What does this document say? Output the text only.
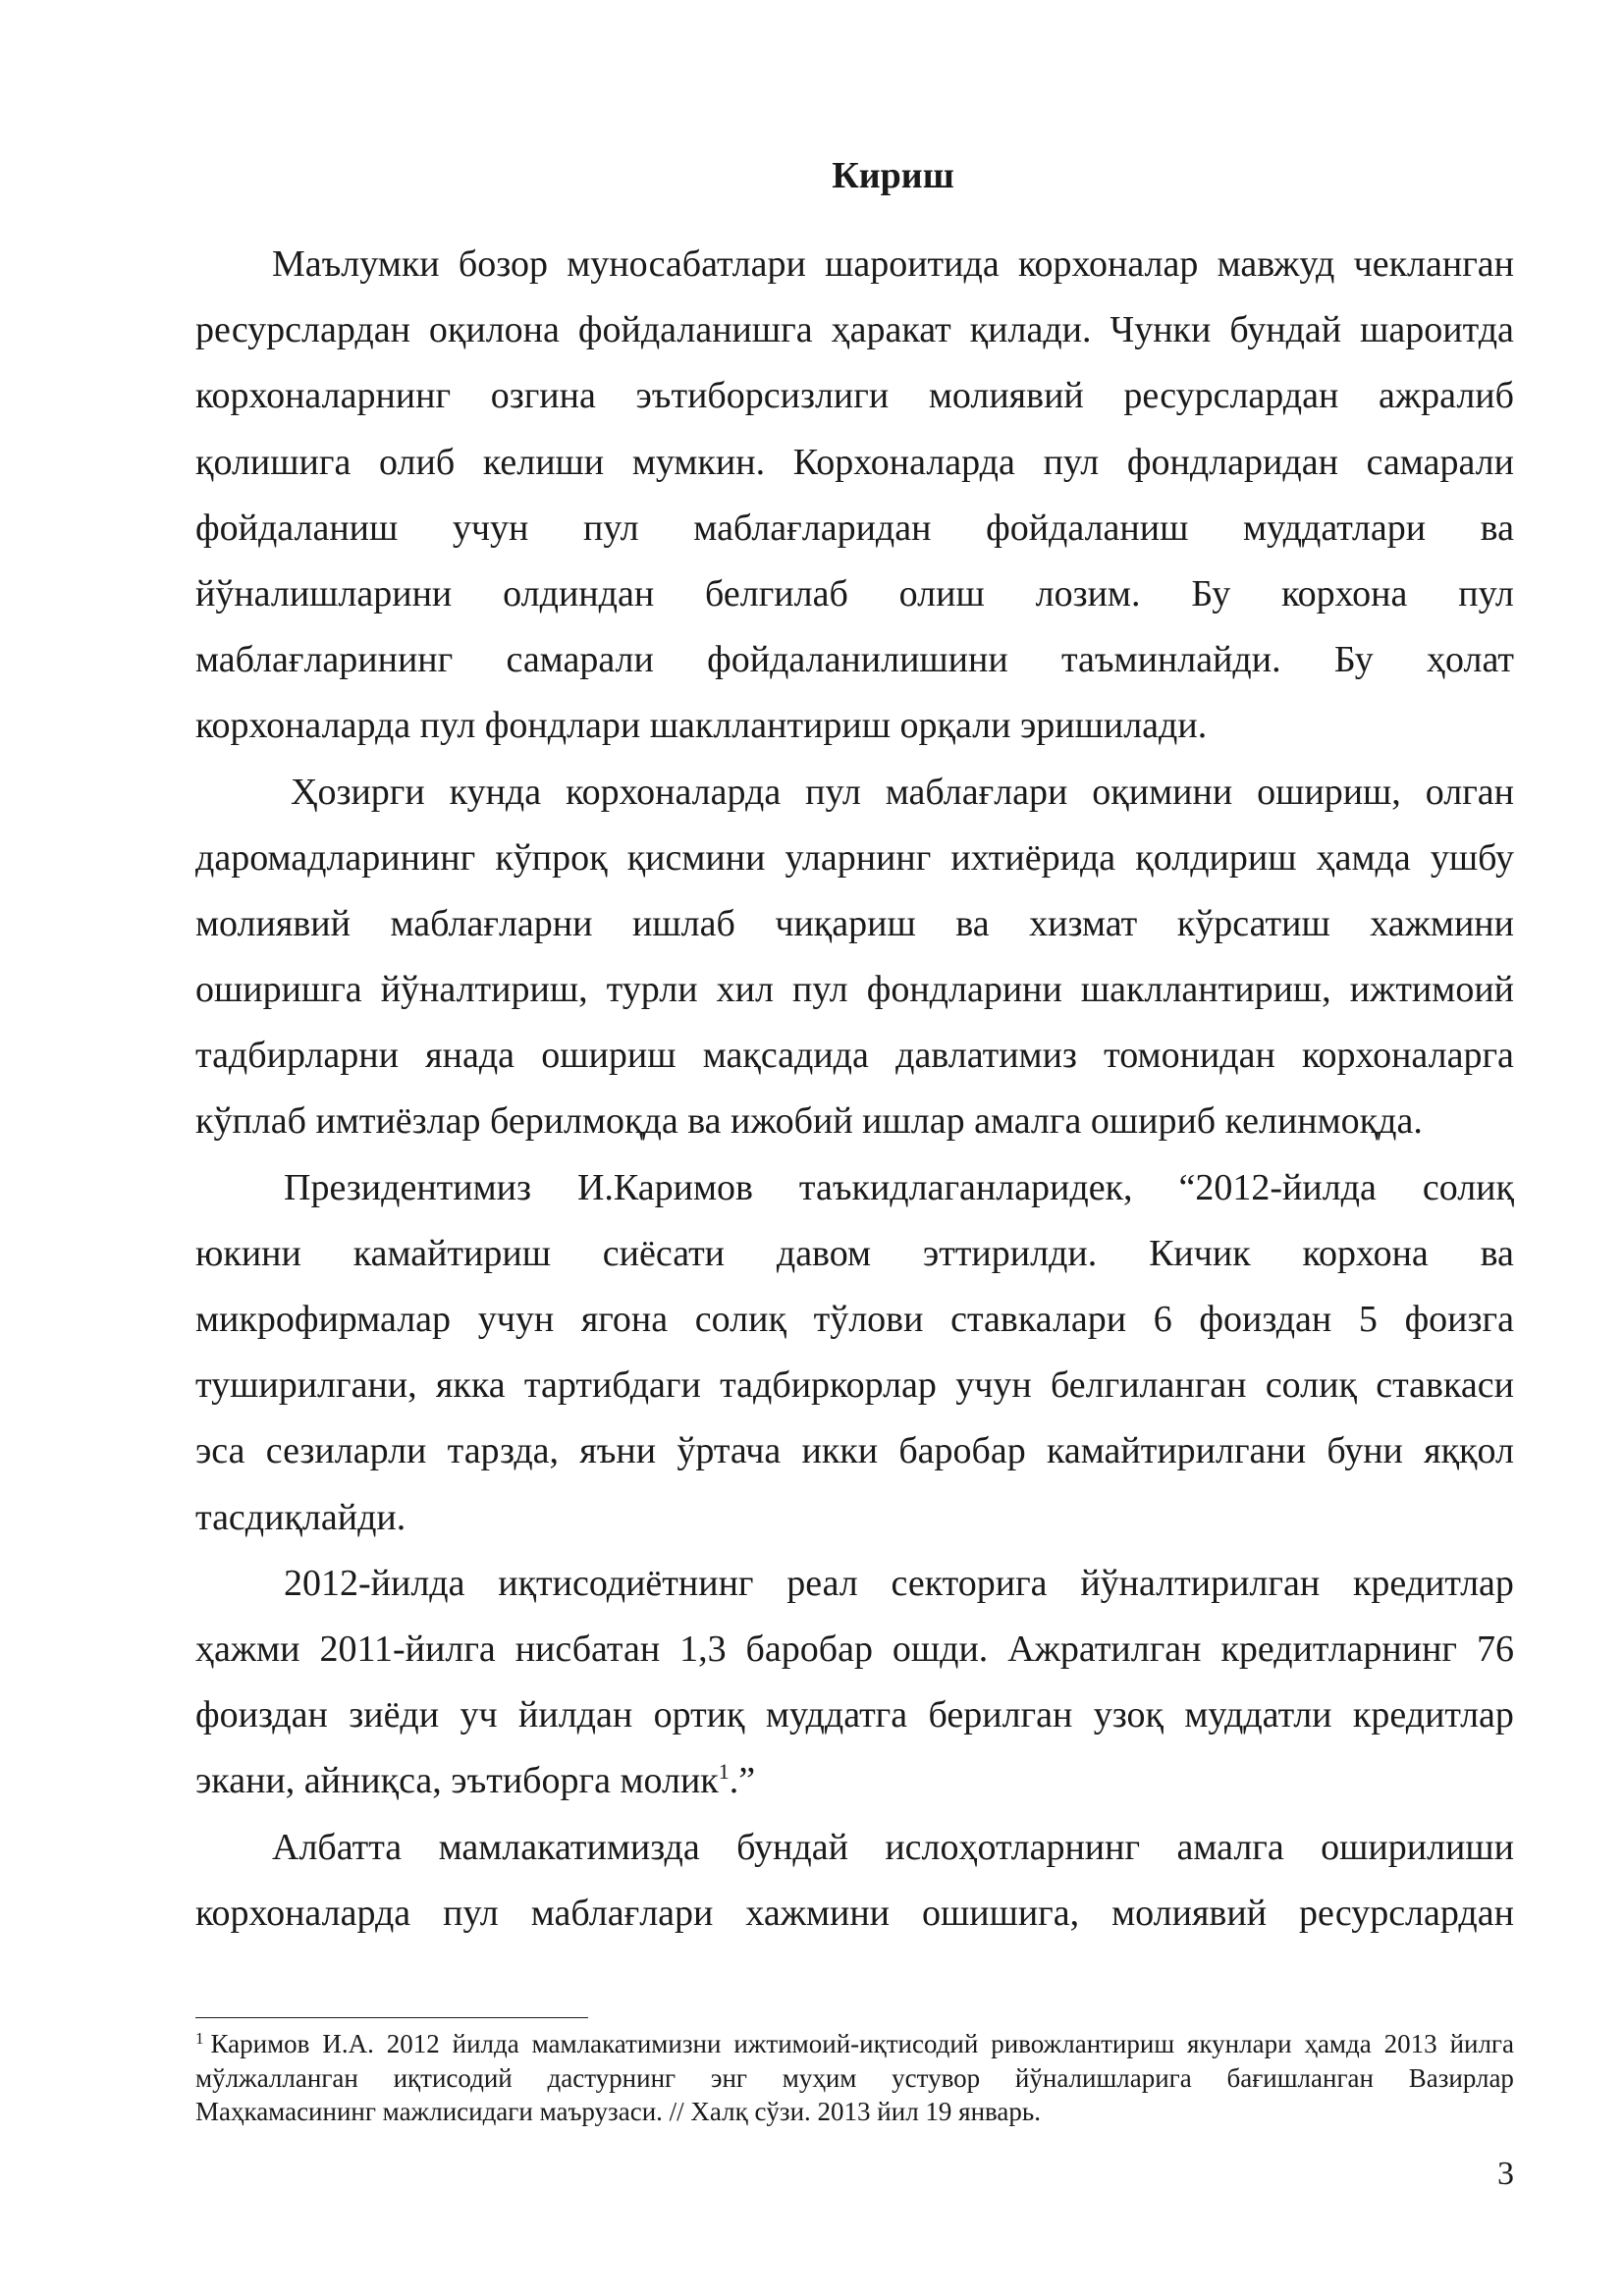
Кириш
Маълумки бозор муносабатлари шароитида корхоналар мавжуд чекланган
ресурслардан оқилона фойдаланишга ҳаракат қилади. Чунки бундай шароитда
корхоналарнинг озгина эътиборсизлиги молиявий ресурслардан ажралиб
қолишига олиб келиши мумкин. Корхоналарда пул фондларидан самарали
фойдаланиш учун пул маблағларидан фойдаланиш муддатлари ва
йўналишларини олдиндан белгилаб олиш лозим. Бу корхона пул
маблағларининг самарали фойдаланилишини таъминлайди. Бу ҳолат
корхоналарда пул фондлари шакллантириш орқали эришилади.
Ҳозирги кунда корхоналарда пул маблағлари оқимини ошириш, олган
даромадларининг кўпроқ қисмини уларнинг ихтиёрида қолдириш ҳамда ушбу
молиявий маблағларни ишлаб чиқариш ва хизмат кўрсатиш хажмини
оширишга йўналтириш, турли хил пул фондларини шакллантириш, ижтимоий
тадбирларни янада ошириш мақсадида давлатимиз томонидан корхоналарга
кўплаб имтиёзлар берилмоқда ва ижобий ишлар амалга ошириб келинмоқда.
Президентимиз И.Каримов таъкидлаганларидек, “2012-йилда солиқ
юкини камайтириш сиёсати давом эттирилди. Кичик корхона ва
микрофирмалар учун ягона солиқ тўлови ставкалари 6 фоиздан 5 фоизга
туширилгани, якка тартибдаги тадбиркорлар учун белгиланган солиқ ставкаси
эса сезиларли тарзда, яъни ўртача икки баробар камайтирилгани буни яққол
тасдиқлайди.
2012-йилда иқтисодиётнинг реал секторига йўналтирилган кредитлар
ҳажми 2011-йилга нисбатан 1,3 баробар ошди. Ажратилган кредитларнинг 76
фоиздан зиёди уч йилдан ортиқ муддатга берилган узоқ муддатли кредитлар
экани, айниқса, эътиборга молик$^1$.”
Албатта мамлакатимизда бундай ислоҳотларнинг амалга оширилиши
корхоналарда пул маблағлари хажмини ошишига, молиявий ресурслардан
1 Каримов И.А. 2012 йилда мамлакатимизни ижтимоий-иқтисодий ривожлантириш якунлари ҳамда 2013 йилга
мўлжалланган иқтисодий дастурнинг энг муҳим устувор йўналишларига бағишланган Вазирлар
Маҳкамасининг мажлисидаги маърузаси. // Халқ сўзи. 2013 йил 19 январь.
3
